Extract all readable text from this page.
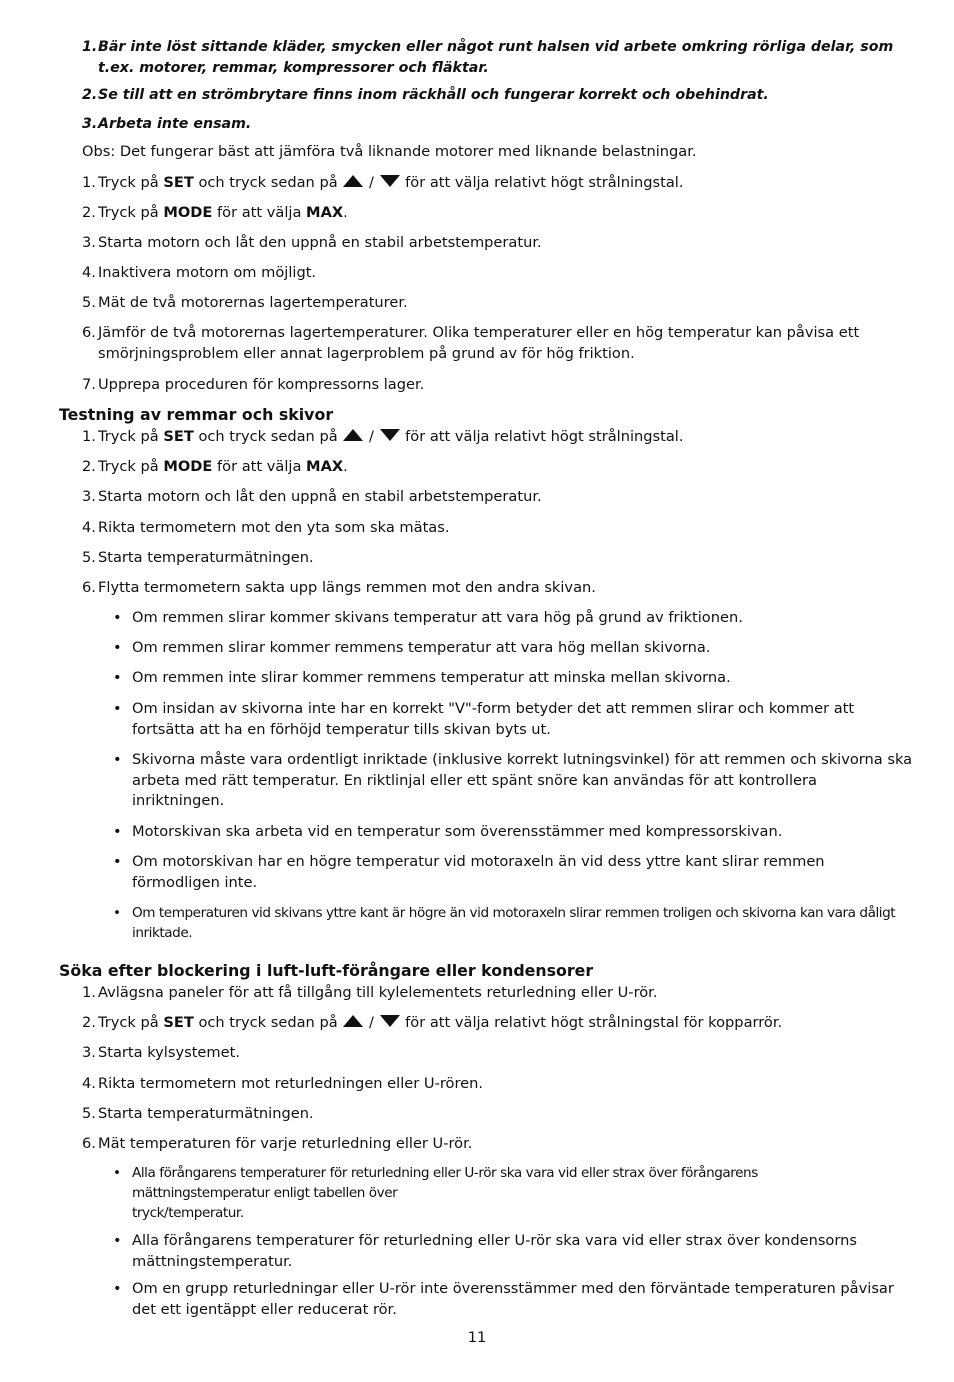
1. Bär inte löst sittande kläder, smycken eller något runt halsen vid arbete omkring rörliga delar, som t.ex. motorer, remmar, kompressorer och fläktar.
2. Se till att en strömbrytare finns inom räckhåll och fungerar korrekt och obehindrat.
3. Arbeta inte ensam.
Obs: Det fungerar bäst att jämföra två liknande motorer med liknande belastningar.
1. Tryck på SET och tryck sedan på / för att välja relativt högt strålningstal.
2. Tryck på MODE för att välja MAX.
3. Starta motorn och låt den uppnå en stabil arbetstemperatur.
4. Inaktivera motorn om möjligt.
5. Mät de två motorernas lagertemperaturer.
6. Jämför de två motorernas lagertemperaturer. Olika temperaturer eller en hög temperatur kan påvisa ett smörjningsproblem eller annat lagerproblem på grund av för hög friktion.
7. Upprepa proceduren för kompressorns lager.
Testning av remmar och skivor
1. Tryck på SET och tryck sedan på / för att välja relativt högt strålningstal.
2. Tryck på MODE för att välja MAX.
3. Starta motorn och låt den uppnå en stabil arbetstemperatur.
4. Rikta termometern mot den yta som ska mätas.
5. Starta temperaturmätningen.
6. Flytta termometern sakta upp längs remmen mot den andra skivan.
• Om remmen slirar kommer skivans temperatur att vara hög på grund av friktionen.
• Om remmen slirar kommer remmens temperatur att vara hög mellan skivorna.
• Om remmen inte slirar kommer remmens temperatur att minska mellan skivorna.
• Om insidan av skivorna inte har en korrekt "V"-form betyder det att remmen slirar och kommer att fortsätta att ha en förhöjd temperatur tills skivan byts ut.
• Skivorna måste vara ordentligt inriktade (inklusive korrekt lutningsvinkel) för att remmen och skivorna ska arbeta med rätt temperatur. En riktlinjal eller ett spänt snöre kan användas för att kontrollera inriktningen.
• Motorskivan ska arbeta vid en temperatur som överensstämmer med kompressorskivan.
• Om motorskivan har en högre temperatur vid motoraxeln än vid dess yttre kant slirar remmen förmodligen inte.
• Om temperaturen vid skivans yttre kant är högre än vid motoraxeln slirar remmen troligen och skivorna kan vara dåligt inriktade.
Söka efter blockering i luft-luft-förångare eller kondensorer
1. Avlägsna paneler för att få tillgång till kylelementets returledning eller U-rör.
2. Tryck på SET och tryck sedan på / för att välja relativt högt strålningstal för kopparrör.
3. Starta kylsystemet.
4. Rikta termometern mot returledningen eller U-rören.
5. Starta temperaturmätningen.
6. Mät temperaturen för varje returledning eller U-rör.
• Alla förångarens temperaturer för returledning eller U-rör ska vara vid eller strax över förångarens
mättningstemperatur enligt tabellen över
tryck/temperatur.
• Alla förångarens temperaturer för returledning eller U-rör ska vara vid eller strax över kondensorns mättningstemperatur.
• Om en grupp returledningar eller U-rör inte överensstämmer med den förväntade temperaturen påvisar det ett igentäppt eller reducerat rör.
11
